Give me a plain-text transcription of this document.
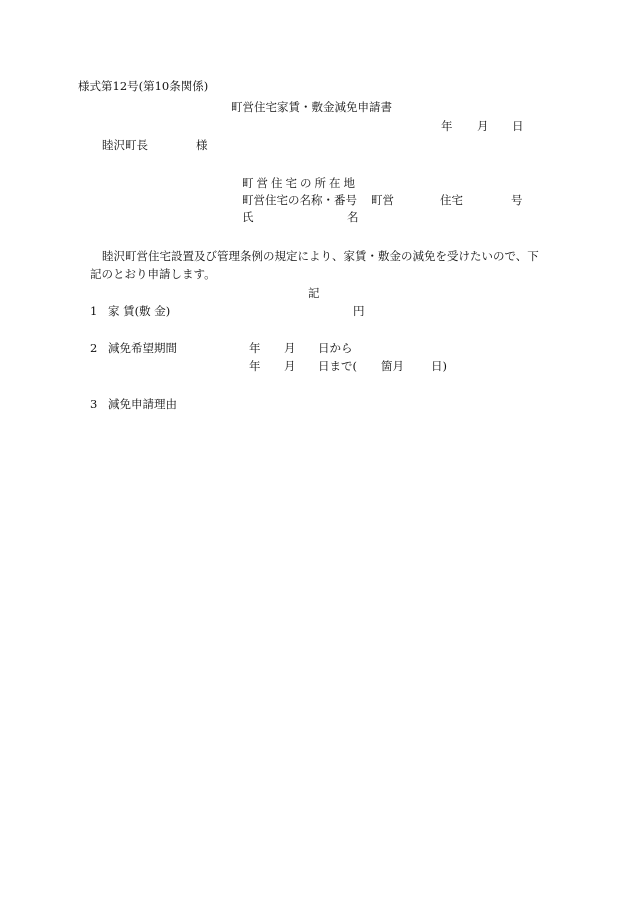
様式第12号(第10条関係)
町営住宅家賃・敷金減免申請書
年 月 日
睦沢町長	様
町営住宅の所在地
町営住宅の名称・番号 町営	住宅	号
氏	名
睦沢町営住宅設置及び管理条例の規定により、家賃・敷金の減免を受けたいので、下
記のとおり申請します。
記
1 家 賃(敷 金)	円
2 減免希望期間	年 月 日から
年 月 日まで( 箇月 日)
3 減免申請理由
